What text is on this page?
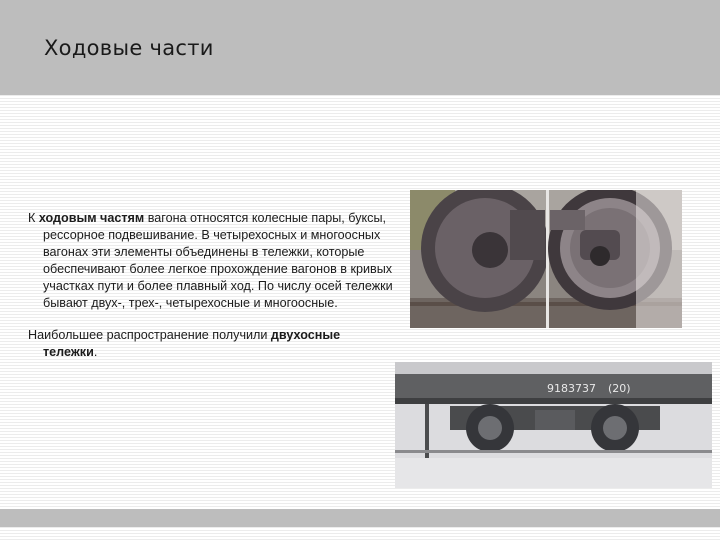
Ходовые части

К ходовым частям вагона относятся колесные пары, буксы, рессорное подвешивание. В четырехосных и многоосных вагонах эти элементы объединены в тележки, которые обеспечивают более легкое прохождение вагонов в кривых участках пути и более плавный ход. По числу осей тележки бывают двух-, трех-, четырехосные и многоосные.

Наибольшее распространение получили двухосные тележки.

9183737 (20)
